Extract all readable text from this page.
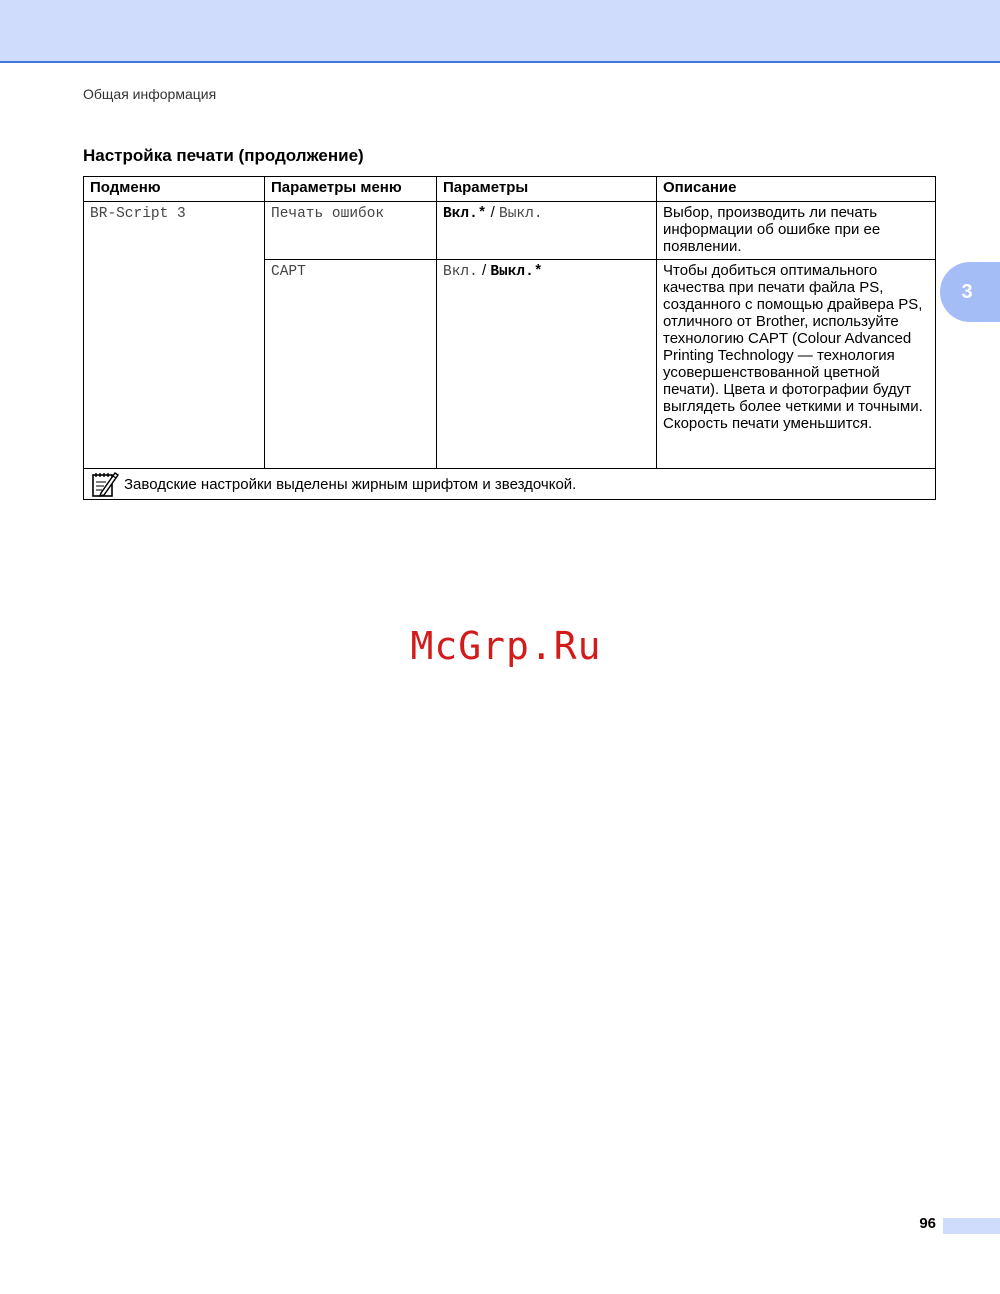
Общая информация
3
Настройка печати (продолжение)
Подменю	Параметры меню	Параметры	Описание
BR-Script 3	Печать ошибок	Вкл.* / Выкл.	Выбор, производить ли печать информации об ошибке при ее появлении.
	CAPT	Вкл. / Выкл.*	Чтобы добиться оптимального качества при печати файла PS, созданного с помощью драйвера PS, отличного от Brother, используйте технологию CAPT (Colour Advanced Printing Technology — технология усовершенствованной цветной печати). Цвета и фотографии будут выглядеть более четкими и точными. Скорость печати уменьшится.

Заводские настройки выделены жирным шрифтом и звездочкой.			
McGrp.Ru
96
